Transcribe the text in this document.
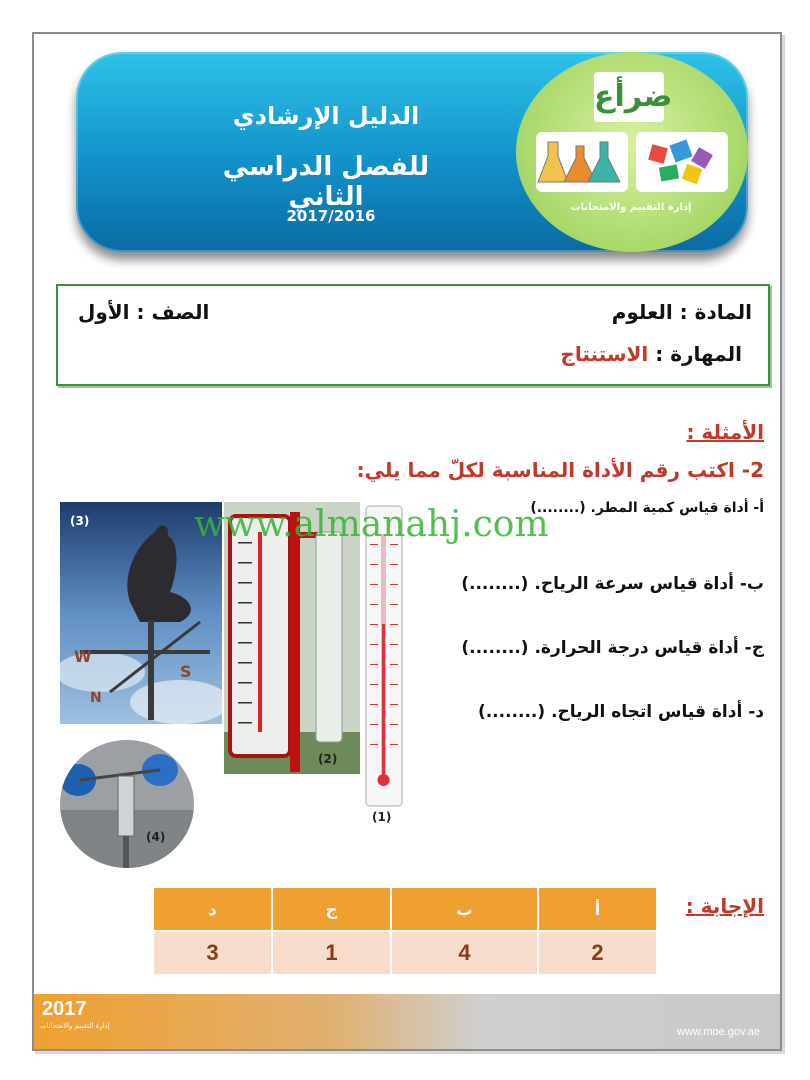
الدليل الإرشادي
للفصل الدراسي الثاني
2017/2016
ضرأع
إدارة التقييم والامتحانات
المادة : العلوم
الصف : الأول
المهارة : الاستنتاج
الأمثلة :
2- اكتب رقم الأداة المناسبة لكلّ مما يلي:
أ- أداة قياس كمية المطر. (........)
ب- أداة قياس سرعة الرياح. (........)
ج- أداة قياس درجة الحرارة. (........)
د- أداة قياس اتجاه الرياح. (........)
W
S
N
(3)
(4)
(2)
(1)
www.almanahj.com
الإجابة :
أ	ب	ج	د
2	4	1	3
2017
إدارة التقييم والامتحانات	www.moe.gov.ae
